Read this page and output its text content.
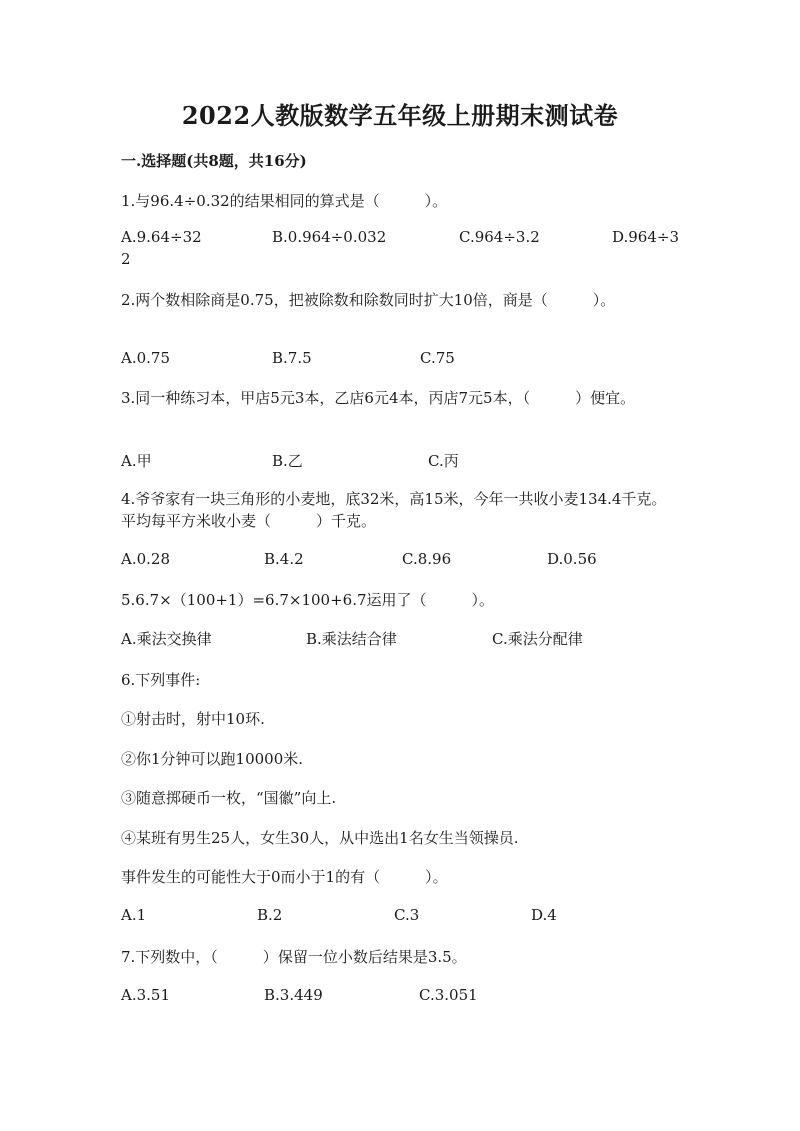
2022人教版数学五年级上册期末测试卷
一.选择题(共8题，共16分)
1.与96.4÷0.32的结果相同的算式是（　　　）。
A.9.64÷32	B.0.964÷0.032	C.964÷3.2	D.964÷3
2
2.两个数相除商是0.75，把被除数和除数同时扩大10倍，商是（　　　）。
A.0.75	B.7.5	C.75
3.同一种练习本，甲店5元3本，乙店6元4本，丙店7元5本，（　　　）便宜。
A.甲	B.乙	C.丙
4.爷爷家有一块三角形的小麦地，底32米，高15米，今年一共收小麦134.4千克。平均每平方米收小麦（　　　）千克。
A.0.28	B.4.2	C.8.96	D.0.56
5.6.7×（100+1）=6.7×100+6.7运用了（　　　）。
A.乘法交换律	B.乘法结合律	C.乘法分配律
6.下列事件:
①射击时，射中10环.
②你1分钟可以跑10000米.
③随意掷硬币一枚，“国徽”向上.
④某班有男生25人，女生30人，从中选出1名女生当领操员.
事件发生的可能性大于0而小于1的有（　　　）。
A.1	B.2	C.3	D.4
7.下列数中，（　　　）保留一位小数后结果是3.5。
A.3.51	B.3.449	C.3.051
